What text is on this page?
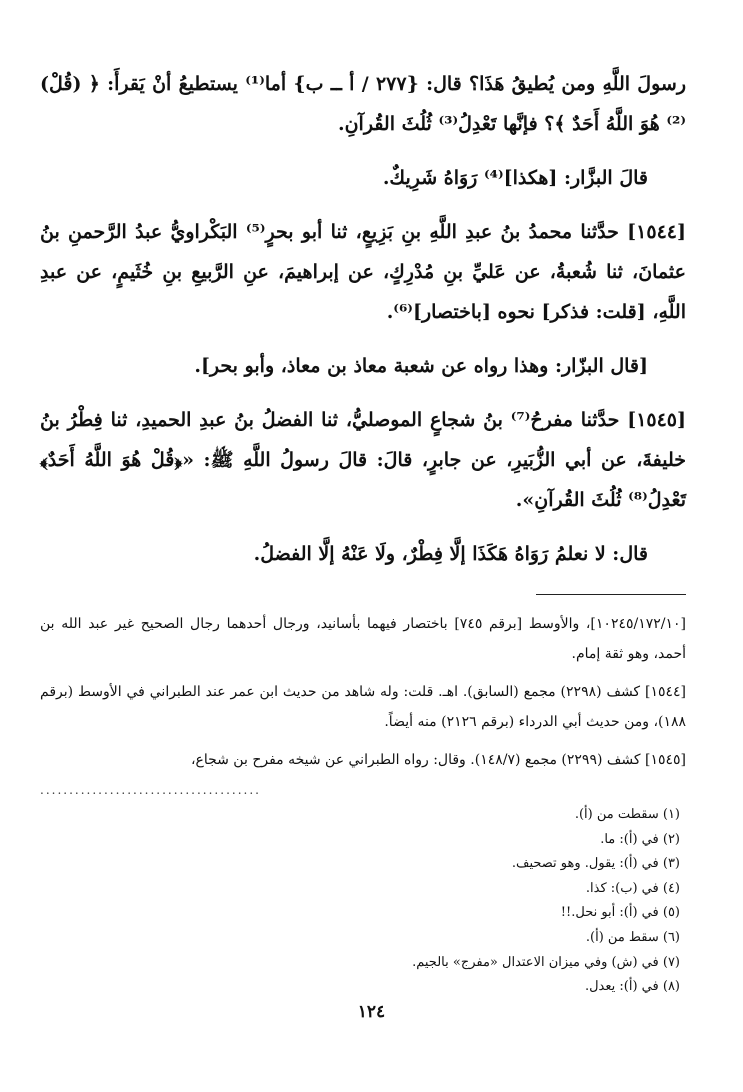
رسولَ اللَّهِ ومن يُطيقُ هَذَا؟ قال: {٢٧٧ / أ ــ ب} أما⁽¹⁾ يستطيعُ أنْ يَقرأَ: ﴿ (قُلْ)⁽²⁾ هُوَ اللَّهُ أَحَدٌ ﴾؟ فإنَّها تَعْدِلُ⁽³⁾ ثُلُثَ القُرآنِ.

قالَ البزَّار: [هكذا]⁽⁴⁾ رَوَاهُ شَرِيكٌ.

[١٥٤٤] حدَّثنا محمدُ بنُ عبدِ اللَّهِ بنِ بَزِيعٍ، ثنا أبو بحرٍ⁽⁵⁾ البَكْراويُّ عبدُ الرَّحمنِ بنُ عثمانَ، ثنا شُعبةُ، عن عَليِّ بنِ مُدْرِكٍ، عن إبراهيمَ، عنِ الرَّبيعِ بنِ خُثَيمٍ، عن عبدِ اللَّهِ، [قلت: فذكر] نحوه [باختصار]⁽⁶⁾.

[قال البزّار: وهذا رواه عن شعبة معاذ بن معاذ، وأبو بحر].

[١٥٤٥] حدَّثنا مفرحُ⁽⁷⁾ بنُ شجاعٍ الموصليُّ، ثنا الفضلُ بنُ عبدِ الحميدِ، ثنا فِطْرُ بنُ خليفةَ، عن أبي الزُّبَيرِ، عن جابرٍ، قالَ: قالَ رسولُ اللَّهِ ﷺ: «﴿قُلْ هُوَ اللَّهُ أَحَدٌ﴾ تَعْدِلُ⁽⁸⁾ ثُلُثَ القُرآنِ».

قال: لا نعلمُ رَوَاهُ هَكَذَا إلَّا فِطْرٌ، ولَا عَنْهُ إلَّا الفضلُ.

[١٠٢٤٥/١٧٢/١٠]، والأوسط [برقم ٧٤٥] باختصار فيهما بأسانيد، ورجال أحدهما رجال الصحيح غير عبد الله بن أحمد، وهو ثقة إمام.

[١٥٤٤] كشف (٢٢٩٨) مجمع (السابق). اهـ. قلت: وله شاهد من حديث ابن عمر عند الطبراني في الأوسط (برقم ١٨٨)، ومن حديث أبي الدرداء (برقم ٢١٢٦) منه أيضاً.

[١٥٤٥] كشف (٢٢٩٩) مجمع (١٤٨/٧). وقال: رواه الطبراني عن شيخه مفرح بن شجاع،

......................................
(١) سقطت من (أ).
(٢) في (أ): ما.
(٣) في (أ): يقول. وهو تصحيف.
(٤) في (ب): كذا.
(٥) في (أ): أبو نحل.!!
(٦) سقط من (أ).
(٧) في (ش) وفي ميزان الاعتدال «مفرج» بالجيم.
(٨) في (أ): يعدل.
١٢٤
